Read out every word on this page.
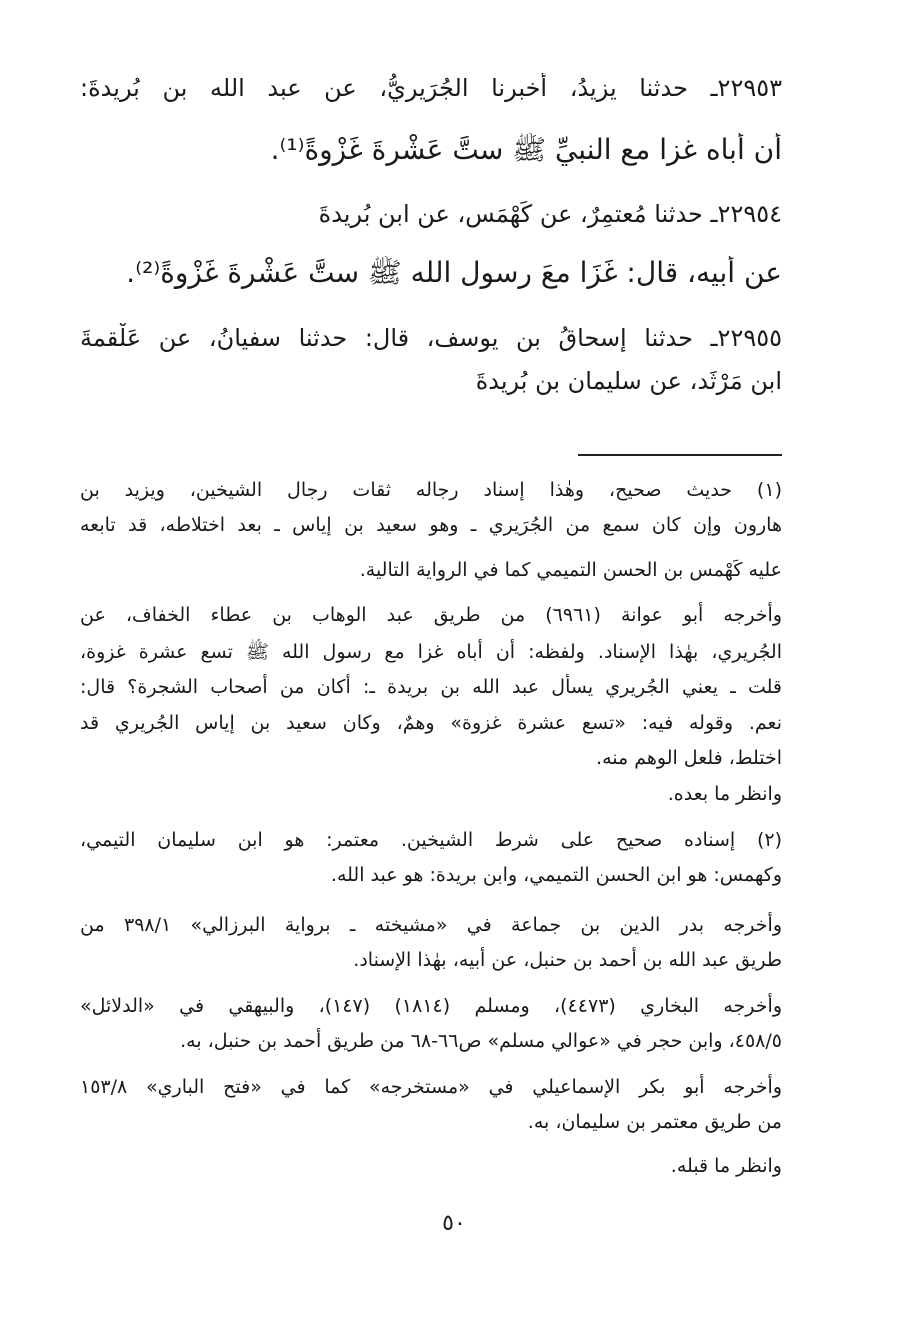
٢٢٩٥٣ـ حدثنا يزيدُ، أخبرنا الجُرَيريُّ، عن عبد الله بن بُريدةَ:
أن أباه غزا مع النبيِّ ﷺ ستَّ عَشْرةَ غَزْوةً⁽¹⁾.
٢٢٩٥٤ـ حدثنا مُعتمِرٌ، عن كَهْمَس، عن ابن بُريدةَ
عن أبيه، قال: غَزَا معَ رسول الله ﷺ ستَّ عَشْرةَ غَزْوةً⁽²⁾.
٢٢٩٥٥ـ حدثنا إسحاقُ بن يوسف، قال: حدثنا سفيانُ، عن عَلْقمةَ
ابن مَرْثَد، عن سليمان بن بُريدةَ
(١) حديث صحيح، وهٰذا إسناد رجاله ثقات رجال الشيخين، ويزيد بن
هارون وإن كان سمع من الجُرَيري ـ وهو سعيد بن إياس ـ بعد اختلاطه، قد تابعه
عليه كَهْمس بن الحسن التميمي كما في الرواية التالية.
وأخرجه أبو عوانة (٦٩٦١) من طريق عبد الوهاب بن عطاء الخفاف، عن
الجُريري، بهٰذا الإسناد. ولفظه: أن أباه غزا مع رسول الله ﷺ تسع عشرة غزوة،
قلت ـ يعني الجُريري يسأل عبد الله بن بريدة ـ: أكان من أصحاب الشجرة؟ قال:
نعم. وقوله فيه: «تسع عشرة غزوة» وهمٌ، وكان سعيد بن إياس الجُريري قد
اختلط، فلعل الوهم منه.
وانظر ما بعده.
(٢) إسناده صحيح على شرط الشيخين. معتمر: هو ابن سليمان التيمي،
وكهمس: هو ابن الحسن التميمي، وابن بريدة: هو عبد الله.
وأخرجه بدر الدين بن جماعة في «مشيخته ـ برواية البرزالي» ٣٩٨/١ من
طريق عبد الله بن أحمد بن حنبل، عن أبيه، بهٰذا الإسناد.
وأخرجه البخاري (٤٤٧٣)، ومسلم (١٨١٤) (١٤٧)، والبيهقي في «الدلائل»
٤٥٨/٥، وابن حجر في «عوالي مسلم» ص٦٦-٦٨ من طريق أحمد بن حنبل، به.
وأخرجه أبو بكر الإسماعيلي في «مستخرجه» كما في «فتح الباري» ١٥٣/٨
من طريق معتمر بن سليمان، به.
وانظر ما قبله.
٥٠
